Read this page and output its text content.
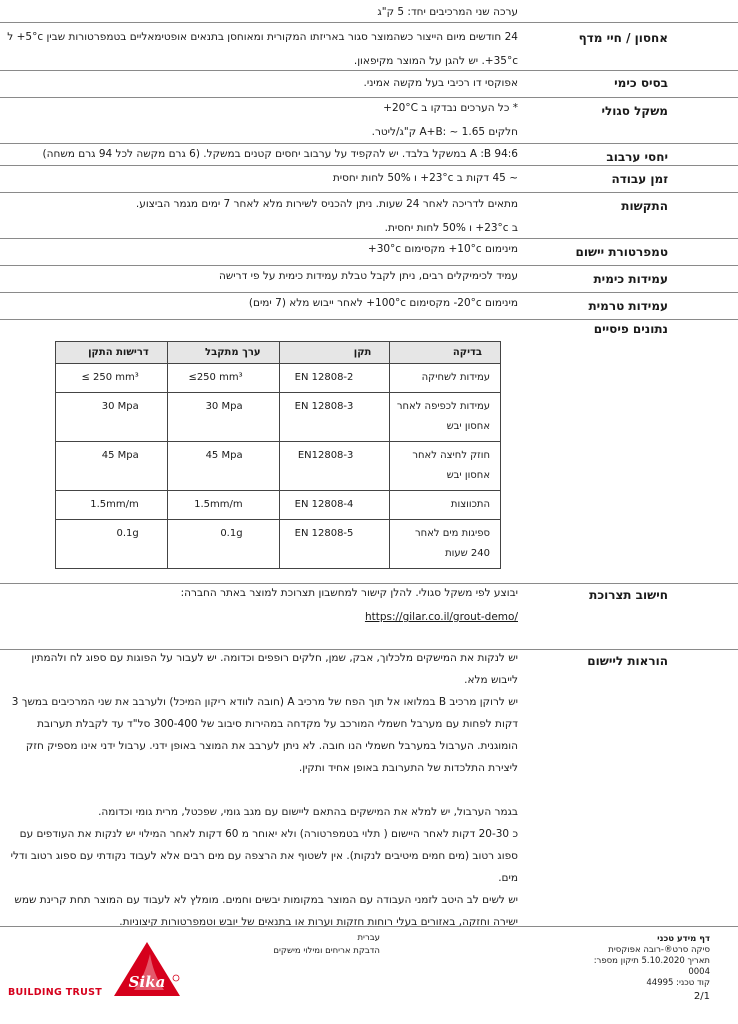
ערכה שני המרכיבים יחד: 5 ק"ג
אחסון / חיי מדף

24 חודשים מיום הייצור כשהמוצר סגור באריזתו המקורית ומאוחסן בתנאים אופטימאליים בטמפרטורות שבין 5°c+ ל

35°c+. יש להגן על המוצר מקיפאון.

בסיס כימי

אפוקסי דו רכיבי בעל מקשה אמיני.

משקל סגולי

* כל הערכים נבדקו ב 20°C+

חלקים A+B: ~ 1.65 ק"ג/ליטר.

יחסי ערבוב

A :B 94:6 במשקל בלבד. יש להקפיד על ערבוב יחסים קטנים במשקל. (6 גרם מקשה לכל 94 גרם משחה)

זמן עבודה

~ 45 דקות ב 23°c+ ו 50% לחות יחסית

התקשות

מתאים לדריכה לאחר 24 שעות. ניתן להכניס לשירות מלא לאחר 7 ימים מגמר הביצוע.

ב 23°c+ ו 50% לחות יחסית.

טמפרטורת יישום

מינימום 10°c+ מקסימום 30°c+

עמידות כימית

עמיד לכימיקלים רבים, ניתן לקבל טבלת עמידות כימית על פי דרישה

עמידות טרמית

מינימום 20°c- מקסימום 100°c+ לאחר ייבוש מלא (7 ימים)

נתונים פיסיים
בדיקה	תקן	ערך מתקבל	דרישות התקן
עמידות לשחיקה	EN 12808-2	≤250 mm³	≤ 250 mm³
עמידות לכפיפה לאחר אחסון יבש	EN 12808-3	30 Mpa	30 Mpa
חוזק לחיצה לאחר אחסון יבש	EN12808-3	45 Mpa	45 Mpa
התכווצות	EN 12808-4	1.5mm/m	1.5mm/m
ספיגות מים לאחר 240 שעות	EN 12808-5	0.1g	0.1g
חישוב תצרוכת

יבוצע לפי משקל סגולי. להלן קישור למחשבון תצרוכת למוצר באתר החברה:

https://gilar.co.il/grout-demo/

הוראות ליישום

יש לנקות את המישקים מלכלוך, אבק, שמן, חלקים רופפים וכדומה. יש לעבור על הפוגות עם ספוג לח ולהמתין

לייבוש מלא.

יש לרוקן מרכיב B במלואו אל תוך הפח של מרכיב A (חובה לוודא ריקון המיכל) ולערבב את שני המרכיבים במשך 3

דקות לפחות עם מערבל חשמלי המורכב על מקדחה במהירות סיבוב של 300-400 סל"ד עד לקבלת תערובת

הומוגנית. הערבול במערבל חשמלי הנו חובה. לא ניתן לערבב את המוצר באופן ידני. ערבול ידני אינו מספיק חזק

ליצירת התלכדות של התערובת באופן אחיד ותקין.

בגמר הערבול, יש למלא את המישקים בהתאם ליישום עם מגב גומי, שפכטל, מרית גומי וכדומה.

כ 20-30 דקות לאחר היישום ( תלוי בטמפרטורה) ולא יאוחר מ 60 דקות לאחר המילוי יש לנקות את העודפים עם

ספוג רטוב (מים חמים מיטיבים לנקות). אין לשטוף את הרצפה עם מים רבים אלא לעבוד נקודתי עם ספוג רטוב ודלי

מים.

יש לשים לב היטב לזמני העבודה עם המוצר במקומות יבשים וחמים. מומלץ לא לעבוד עם המוצר תחת קרינת שמש

ישירה וחזקה, באזורים בעלי רוחות חזקות וערות או בתנאים של יובש וטמפרטורות קיצוניות.

דף מידע טכני
סיקה סרט®-רובה אפוקסית
תאריך 5.10.2020 תיקון מספר: 0004
קוד טכני: 44995
עברית
הדבקת אריחים ומילוי מישקים
2/1
Sika
BUILDING TRUST
